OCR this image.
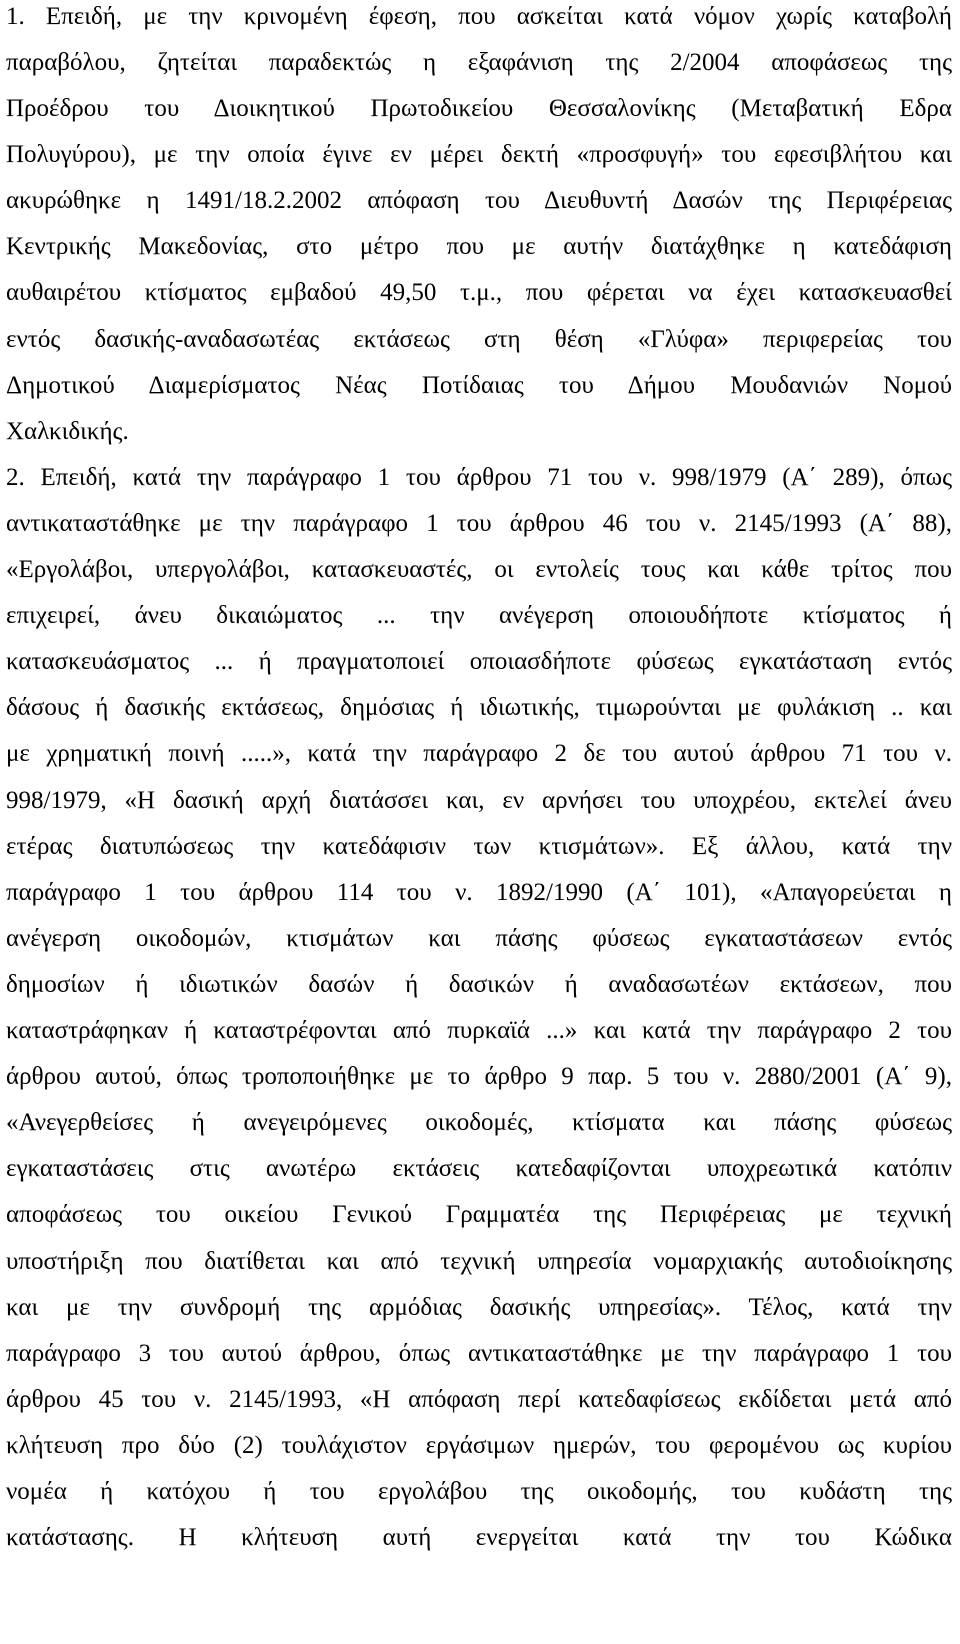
1. Επειδή, με την κρινομένη έφεση, που ασκείται κατά νόμον χωρίς καταβολή
παραβόλου, ζητείται παραδεκτώς η εξαφάνιση της 2/2004 αποφάσεως της
Προέδρου του Διοικητικού Πρωτοδικείου Θεσσαλονίκης (Μεταβατική Εδρα
Πολυγύρου), με την οποία έγινε εν μέρει δεκτή «προσφυγή» του εφεσιβλήτου και
ακυρώθηκε η 1491/18.2.2002 απόφαση του Διευθυντή Δασών της Περιφέρειας
Κεντρικής Μακεδονίας, στο μέτρο που με αυτήν διατάχθηκε η κατεδάφιση
αυθαιρέτου κτίσματος εμβαδού 49,50 τ.μ., που φέρεται να έχει κατασκευασθεί
εντός δασικής-αναδασωτέας εκτάσεως στη θέση «Γλύφα» περιφερείας του
Δημοτικού Διαμερίσματος Νέας Ποτίδαιας του Δήμου Μουδανιών Νομού
Χαλκιδικής.
2. Επειδή, κατά την παράγραφο 1 του άρθρου 71 του ν. 998/1979 (Α΄ 289), όπως
αντικαταστάθηκε με την παράγραφο 1 του άρθρου 46 του ν. 2145/1993 (Α΄ 88),
«Εργολάβοι, υπεργολάβοι, κατασκευαστές, οι εντολείς τους και κάθε τρίτος που
επιχειρεί, άνευ δικαιώματος ... την ανέγερση οποιουδήποτε κτίσματος ή
κατασκευάσματος ... ή πραγματοποιεί οποιασδήποτε φύσεως εγκατάσταση εντός
δάσους ή δασικής εκτάσεως, δημόσιας ή ιδιωτικής, τιμωρούνται με φυλάκιση .. και
με χρηματική ποινή .....», κατά την παράγραφο 2 δε του αυτού άρθρου 71 του ν.
998/1979, «Η δασική αρχή διατάσσει και, εν αρνήσει του υποχρέου, εκτελεί άνευ
ετέρας διατυπώσεως την κατεδάφισιν των κτισμάτων». Εξ άλλου, κατά την
παράγραφο 1 του άρθρου 114 του ν. 1892/1990 (Α΄ 101), «Απαγορεύεται η
ανέγερση οικοδομών, κτισμάτων και πάσης φύσεως εγκαταστάσεων εντός
δημοσίων ή ιδιωτικών δασών ή δασικών ή αναδασωτέων εκτάσεων, που
καταστράφηκαν ή καταστρέφονται από πυρκαϊά ...» και κατά την παράγραφο 2 του
άρθρου αυτού, όπως τροποποιήθηκε με το άρθρο 9 παρ. 5 του ν. 2880/2001 (Α΄ 9),
«Ανεγερθείσες ή ανεγειρόμενες οικοδομές, κτίσματα και πάσης φύσεως
εγκαταστάσεις στις ανωτέρω εκτάσεις κατεδαφίζονται υποχρεωτικά κατόπιν
αποφάσεως του οικείου Γενικού Γραμματέα της Περιφέρειας με τεχνική
υποστήριξη που διατίθεται και από τεχνική υπηρεσία νομαρχιακής αυτοδιοίκησης
και με την συνδρομή της αρμόδιας δασικής υπηρεσίας». Τέλος, κατά την
παράγραφο 3 του αυτού άρθρου, όπως αντικαταστάθηκε με την παράγραφο 1 του
άρθρου 45 του ν. 2145/1993, «Η απόφαση περί κατεδαφίσεως εκδίδεται μετά από
κλήτευση προ δύο (2) τουλάχιστον εργάσιμων ημερών, του φερομένου ως κυρίου
νομέα ή κατόχου ή του εργολάβου της οικοδομής, του κυδάστη της
κατάστασης. Η κλήτευση αυτή ενεργείται κατά την του Κώδικα
